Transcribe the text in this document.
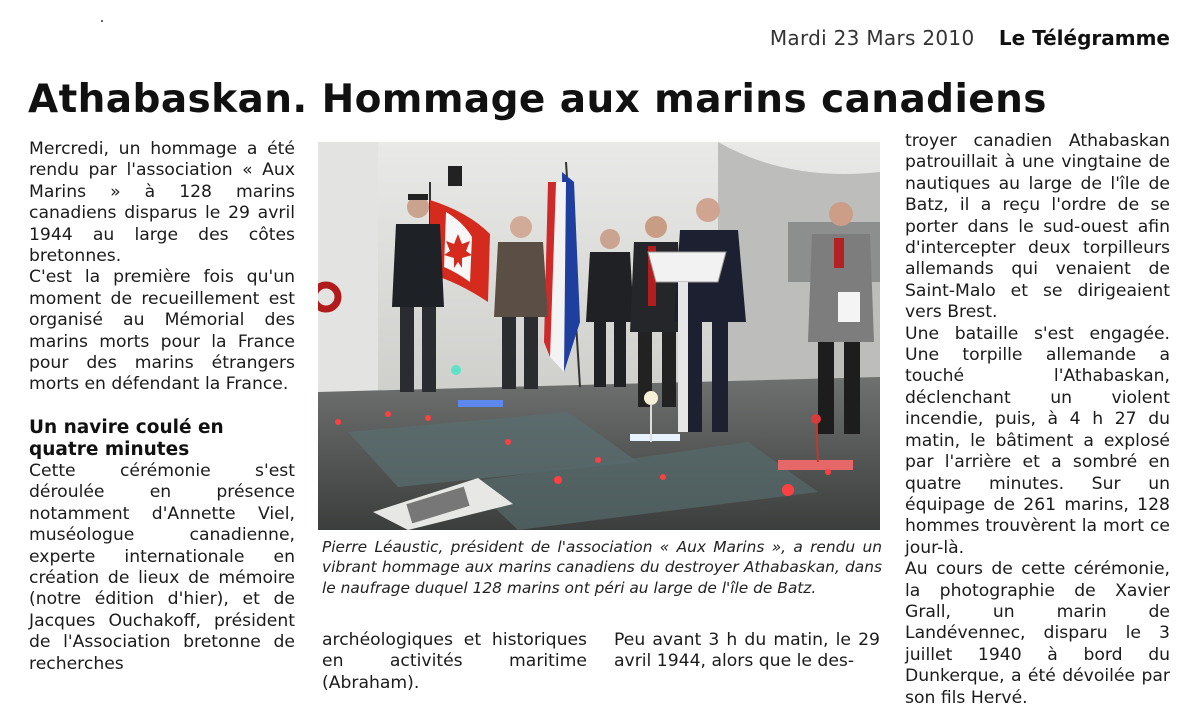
Mardi 23 Mars 2010 Le Télégramme
Athabaskan. Hommage aux marins canadiens
Mercredi, un hommage a été rendu par l'association « Aux Marins » à 128 marins canadiens disparus le 29 avril 1944 au large des côtes bretonnes.
C'est la première fois qu'un moment de recueillement est organisé au Mémorial des marins morts pour la France pour des marins étrangers morts en défendant la France.
Un navire coulé en quatre minutes
Cette cérémonie s'est déroulée en présence notamment d'Annette Viel, muséologue canadienne, experte internationale en création de lieux de mémoire (notre édition d'hier), et de Jacques Ouchakoff, président de l'Association bretonne de recherches
Pierre Léaustic, président de l'association « Aux Marins », a rendu un vibrant hommage aux marins canadiens du destroyer Athabaskan, dans le naufrage duquel 128 marins ont péri au large de l'île de Batz.
archéologiques et historiques en activités maritime (Abraham).
Peu avant 3 h du matin, le 29 avril 1944, alors que le des-
troyer canadien Athabaskan patrouillait à une vingtaine de nautiques au large de l'île de Batz, il a reçu l'ordre de se porter dans le sud-ouest afin d'intercepter deux torpilleurs allemands qui venaient de Saint-Malo et se dirigeaient vers Brest.
Une bataille s'est engagée. Une torpille allemande a touché l'Athabaskan, déclenchant un violent incendie, puis, à 4 h 27 du matin, le bâtiment a explosé par l'arrière et a sombré en quatre minutes. Sur un équipage de 261 marins, 128 hommes trouvèrent la mort ce jour-là.
Au cours de cette cérémonie, la photographie de Xavier Grall, un marin de Landévennec, disparu le 3 juillet 1940 à bord du Dunkerque, a été dévoilée par son fils Hervé.
